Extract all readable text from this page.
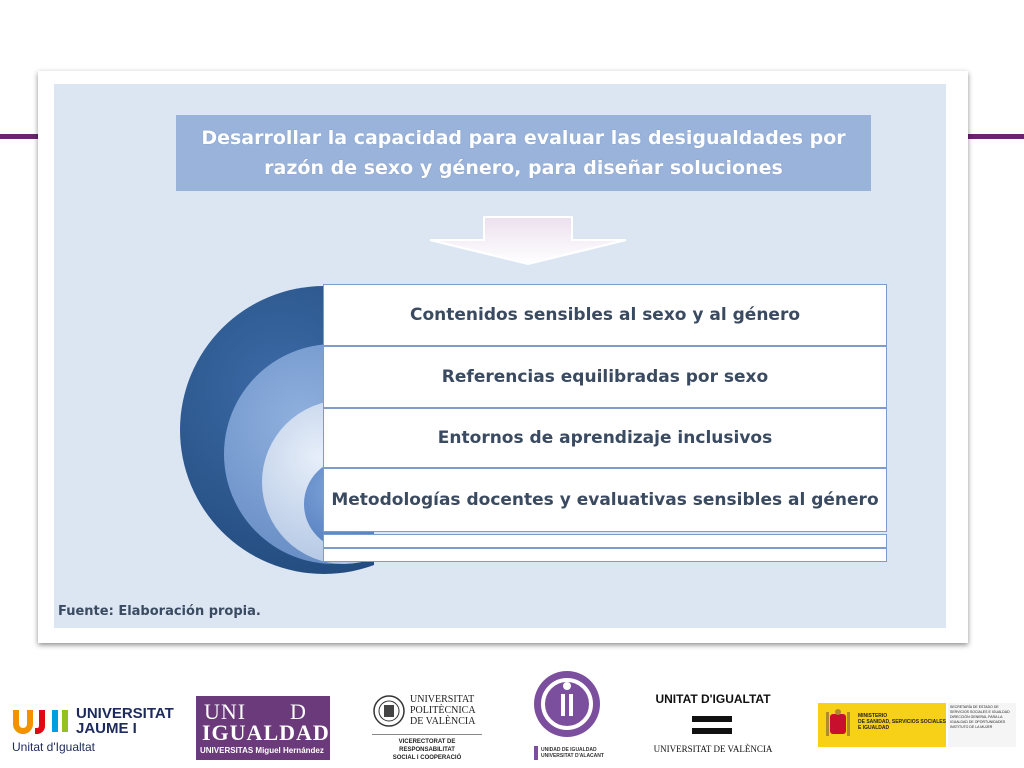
Desarrollar la capacidad para evaluar las desigualdades por razón de sexo y género, para diseñar soluciones
Contenidos sensibles al sexo y al género
Referencias equilibradas por sexo
Entornos de aprendizaje inclusivos
Metodologías docentes y evaluativas sensibles al género
Fuente: Elaboración propia.
UNIVERSITAT
JAUME I
Unitat d'Igualtat
UNI D
IGUALDAD
UNIVERSITAS Miguel Hernández
UNIVERSITAT
POLITÈCNICA
DE VALÈNCIA
VICERECTORAT DE RESPONSABILITAT
SOCIAL I COOPERACIÓ
UNIDAD DE IGUALDAD
UNIVERSITAT D'ALACANT
UNITAT D'IGUALTAT
UNIVERSITAT DE VALÈNCIA
MINISTERIO
DE SANIDAD, SERVICIOS SOCIALES
E IGUALDAD
SECRETARÍA DE ESTADO DE SERVICIOS SOCIALES E IGUALDAD
DIRECCIÓN GENERAL PARA LA IGUALDAD DE OPORTUNIDADES
INSTITUTO DE LA MUJER
